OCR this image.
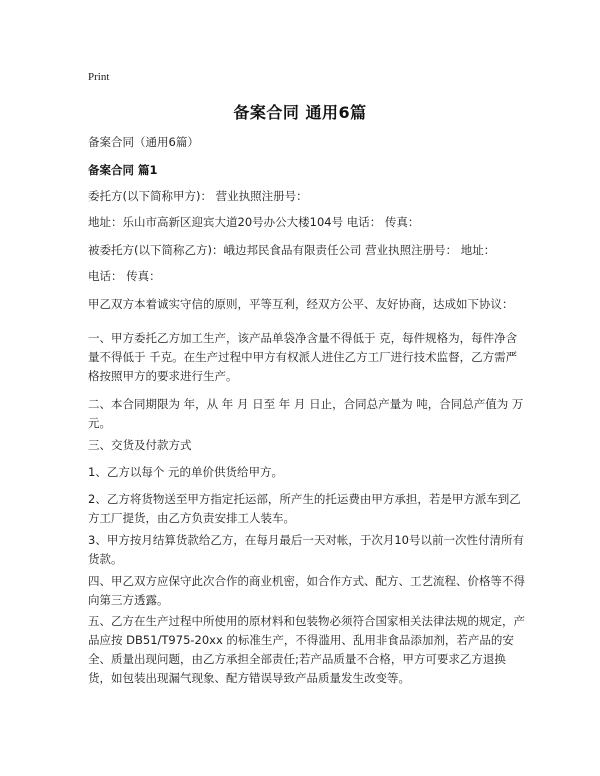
Print
备案合同 通用6篇
备案合同（通用6篇）
备案合同 篇1
委托方(以下简称甲方)： 营业执照注册号：
地址：乐山市高新区迎宾大道20号办公大楼104号 电话： 传真：
被委托方(以下简称乙方)：峨边邦民食品有限责任公司 营业执照注册号： 地址：
电话： 传真：
甲乙双方本着诚实守信的原则，平等互利，经双方公平、友好协商，达成如下协议：
一、甲方委托乙方加工生产，该产品单袋净含量不得低于 克，每件规格为，每件净含量不得低于 千克。在生产过程中甲方有权派人进住乙方工厂进行技术监督，乙方需严格按照甲方的要求进行生产。
二、本合同期限为 年，从 年 月 日至 年 月 日止，合同总产量为 吨，合同总产值为 万元。
三、交货及付款方式
1、乙方以每个 元的单价供货给甲方。
2、乙方将货物送至甲方指定托运部，所产生的托运费由甲方承担，若是甲方派车到乙方工厂提货，由乙方负责安排工人装车。
3、甲方按月结算货款给乙方，在每月最后一天对帐，于次月10号以前一次性付清所有货款。
四、甲乙双方应保守此次合作的商业机密，如合作方式、配方、工艺流程、价格等不得向第三方透露。
五、乙方在生产过程中所使用的原材料和包装物必须符合国家相关法律法规的规定，产品应按 DB51/T975-20xx 的标准生产，不得滥用、乱用非食品添加剂，若产品的安全、质量出现问题，由乙方承担全部责任;若产品质量不合格，甲方可要求乙方退换货，如包装出现漏气现象、配方错误导致产品质量发生改变等。
